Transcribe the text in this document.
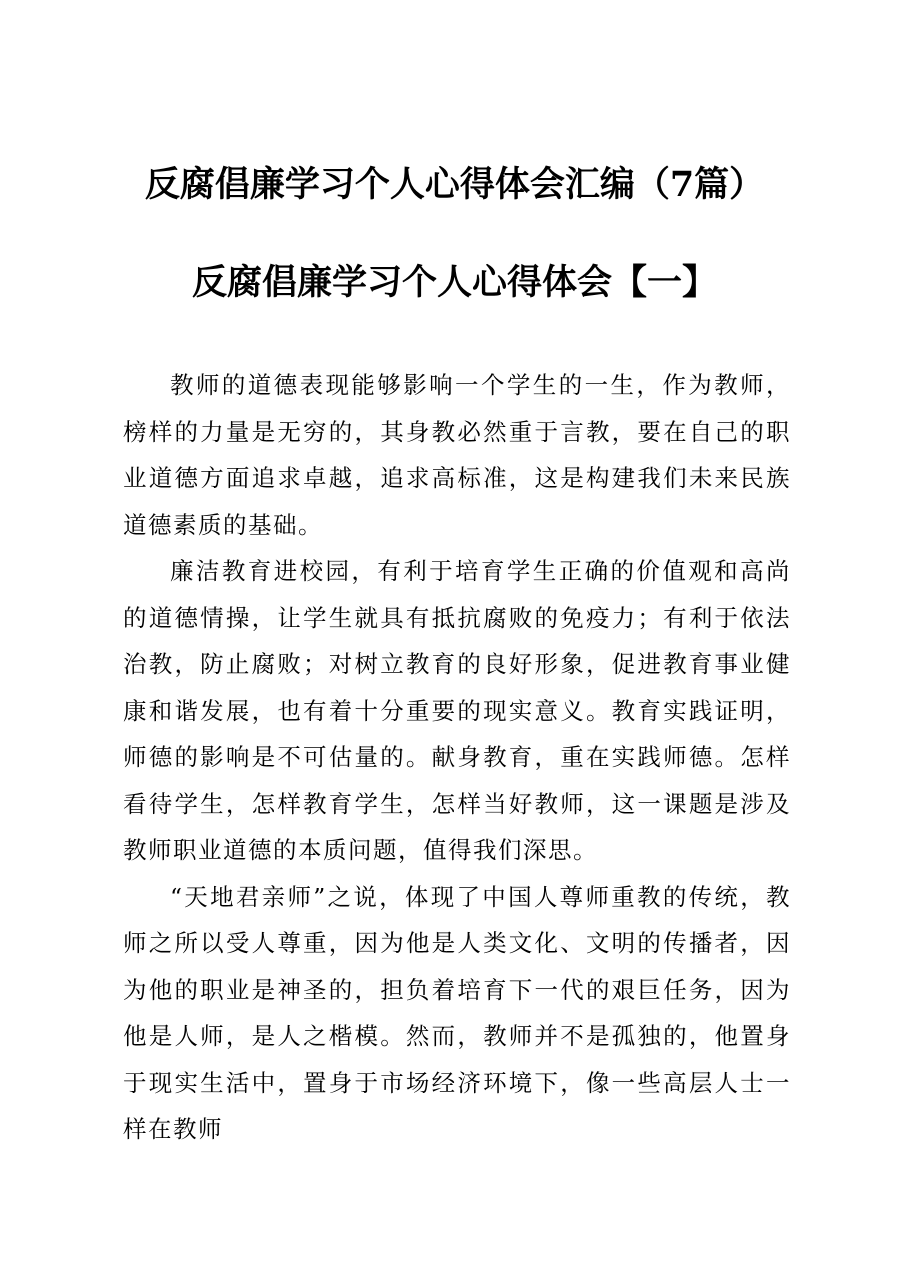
反腐倡廉学习个人心得体会汇编（7篇）
反腐倡廉学习个人心得体会【一】

教师的道德表现能够影响一个学生的一生，作为教师，榜样的力量是无穷的，其身教必然重于言教，要在自己的职业道德方面追求卓越，追求高标准，这是构建我们未来民族道德素质的基础。

廉洁教育进校园，有利于培育学生正确的价值观和高尚的道德情操，让学生就具有抵抗腐败的免疫力；有利于依法治教，防止腐败；对树立教育的良好形象，促进教育事业健康和谐发展，也有着十分重要的现实意义。教育实践证明，师德的影响是不可估量的。献身教育，重在实践师德。怎样看待学生，怎样教育学生，怎样当好教师，这一课题是涉及教师职业道德的本质问题，值得我们深思。

“天地君亲师”之说，体现了中国人尊师重教的传统，教师之所以受人尊重，因为他是人类文化、文明的传播者，因为他的职业是神圣的，担负着培育下一代的艰巨任务，因为他是人师，是人之楷模。然而，教师并不是孤独的，他置身于现实生活中，置身于市场经济环境下，像一些高层人士一样在教师
